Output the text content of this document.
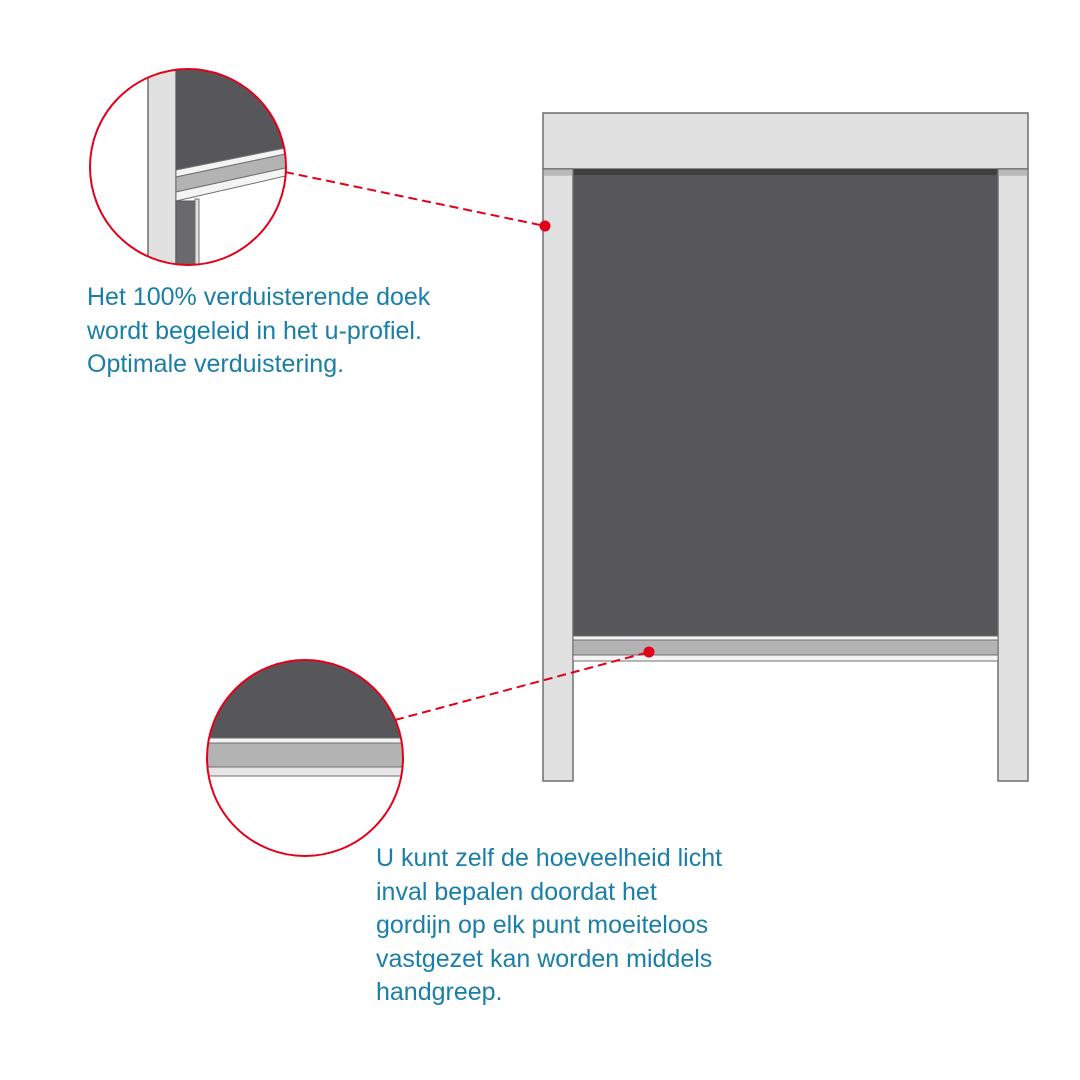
Het 100% verduisterende doek
wordt begeleid in het u-profiel.
Optimale verduistering.

U kunt zelf de hoeveelheid licht
inval bepalen doordat het
gordijn op elk punt moeiteloos
vastgezet kan worden middels
handgreep.
